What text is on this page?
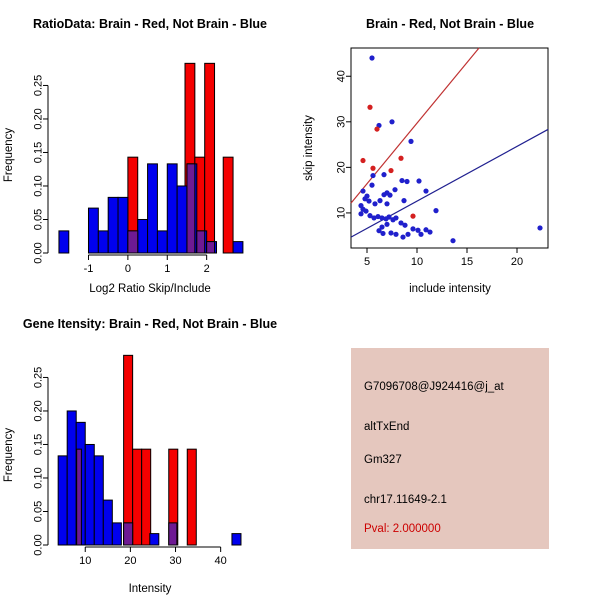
RatioData: Brain - Red, Not Brain - Blue
Frequency
-1	0	1	2
0.00
0.05
0.10
0.15
0.20
0.25
Log2 Ratio Skip/Include
Brain - Red, Not Brain - Blue
skip intensity
5	10	15	20
10
20
30
40
include intensity
Gene Itensity: Brain - Red, Not Brain - Blue
Frequency
10	20	30	40
0.00
0.05
0.10
0.15
0.20
0.25
Intensity
G7096708@J924416@j_at
altTxEnd
Gm327
chr17.11649-2.1
Pval: 2.000000
